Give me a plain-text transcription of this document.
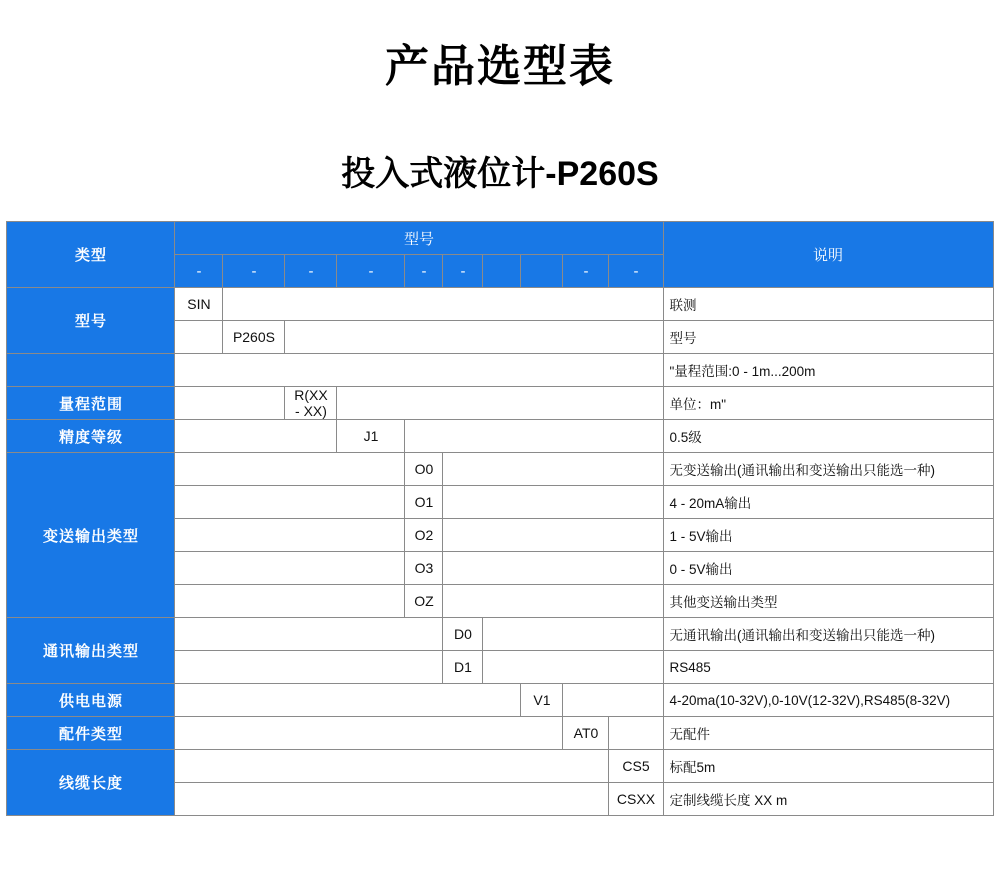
产品选型表
投入式液位计-P260S
类型	型号										说明
	-	-	-	-	-	-			-	-	
型号	SIN										联测
		P260S									型号
											"量程范围:0 - 1m...200m
量程范围			R(XX - XX)								单位：m"
精度等级				J1							0.5级
变送输出类型					O0						无变送输出(通讯输出和变送输出只能选一种)
					O1						4 - 20mA输出
					O2						1 - 5V输出
					O3						0 - 5V输出
					OZ						其他变送输出类型
通讯输出类型						D0					无通讯输出(通讯输出和变送输出只能选一种)
						D1					RS485
供电电源								V1			4-20ma(10-32V),0-10V(12-32V),RS485(8-32V)
配件类型									AT0		无配件
线缆长度										CS5	标配5m
										CSXX	定制线缆长度 XX m
